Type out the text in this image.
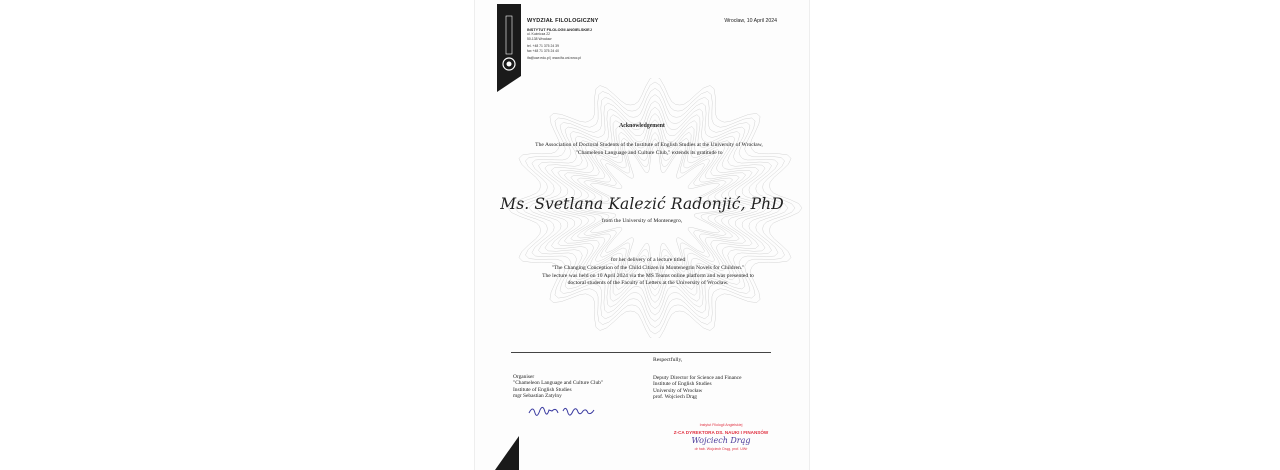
WYDZIAŁ FILOLOGICZNY
INSTYTUT FILOLOGII ANGIELSKIEJ
ul. Kuźnicza 22
50-138 Wrocław
tel. +48 71 375 24 39
fax +48 71 375 24 40
ifa@uwr.edu.pl | www.ifa.uni.wroc.pl
Wrocław, 10 April 2024
Acknowledgement
The Association of Doctoral Students of the Institute of English Studies at the University of Wrocław, "Chameleon Language and Culture Club," extends its gratitude to
Ms. Svetlana Kalezić Radonjić, PhD
from the University of Montenegro,
for her delivery of a lecture titled
"The Changing Conception of the Child Citizen in Montenegrin Novels for Children."
The lecture was held on 10 April 2024 via the MS Teams online platform and was presented to
doctoral students of the Faculty of Letters at the University of Wrocław.
Respectfully,
Organiser
"Chameleon Language and Culture Club"
Institute of English Studies
mgr Sebastian Zatylny
Deputy Director for Science and Finance
Institute of English Studies
University of Wrocław
prof. Wojciech Drąg
Instytut Filologii Angielskiej
Z-CA DYREKTORA DS. NAUKI I FINANSÓW
Wojciech Drąg
dr hab. Wojciech Drąg, prof. UWr
